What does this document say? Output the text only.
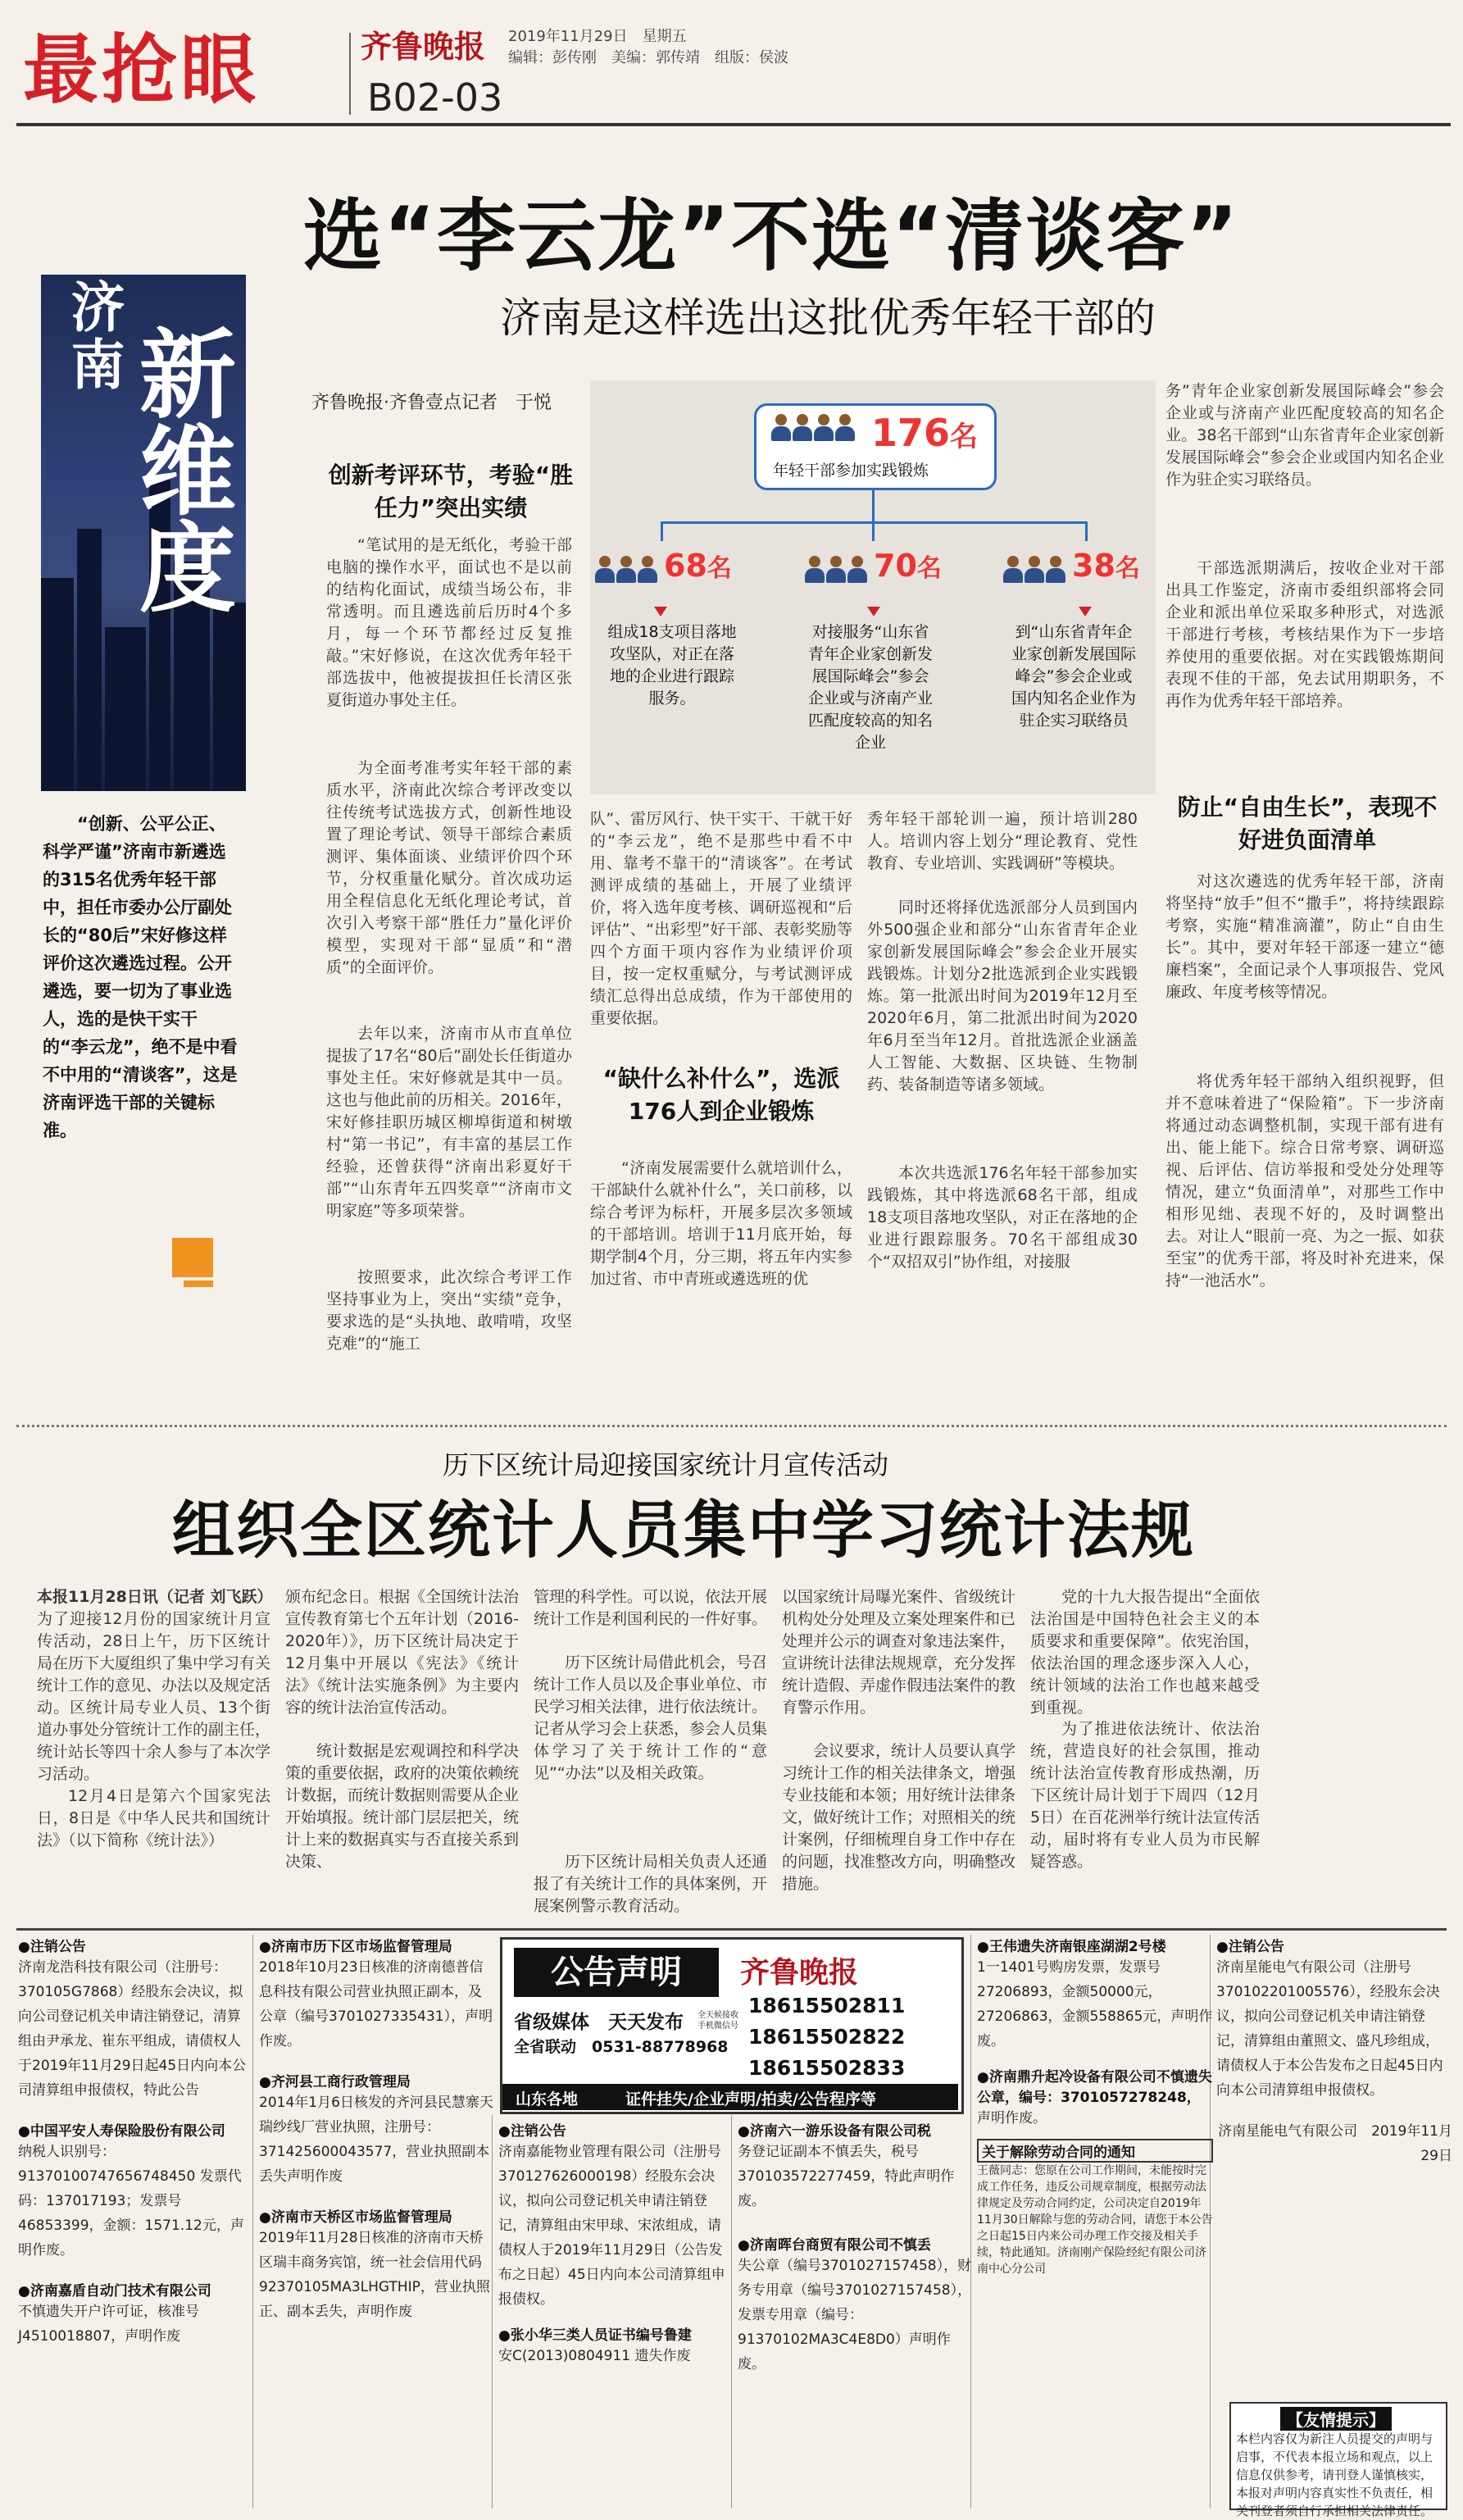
最抢眼	齐鲁晚报
B02-03
2019年11月29日　星期五
编辑：彭传刚　美编：郭传靖　组版：侯波
选“李云龙”不选“清谈客”
济南是这样选出这批优秀年轻干部的
济南
新维度
“创新、公平公正、科学严谨”济南市新遴选的315名优秀年轻干部中，担任市委办公厅副处长的“80后”宋好修这样评价这次遴选过程。公开遴选，要一切为了事业选人，选的是快干实干的“李云龙”，绝不是中看不中用的“清谈客”，这是济南评选干部的关键标准。
齐鲁晚报·齐鲁壹点记者　于悦
创新考评环节，考验“胜任力”突出实绩
“笔试用的是无纸化，考验干部电脑的操作水平，面试也不是以前的结构化面试，成绩当场公布，非常透明。而且遴选前后历时4个多月，每一个环节都经过反复推敲。”宋好修说，在这次优秀年轻干部选拔中，他被提拔担任长清区张夏街道办事处主任。
为全面考准考实年轻干部的素质水平，济南此次综合考评改变以往传统考试选拔方式，创新性地设置了理论考试、领导干部综合素质测评、集体面谈、业绩评价四个环节，分权重量化赋分。首次成功运用全程信息化无纸化理论考试，首次引入考察干部“胜任力”量化评价模型，实现对干部“显质”和“潜质”的全面评价。
去年以来，济南市从市直单位提拔了17名“80后”副处长任街道办事处主任。宋好修就是其中一员。这也与他此前的历相关。2016年，宋好修挂职历城区柳埠街道和树墩村“第一书记”，有丰富的基层工作经验，还曾获得“济南出彩夏好干部”“山东青年五四奖章”“济南市文明家庭”等多项荣誉。
按照要求，此次综合考评工作坚持事业为上，突出“实绩”竞争，要求选的是“头执地、敢啃啃，攻坚克难”的“施工
176名
年轻干部参加实践锻炼
68名	70名	38名
组成18支项目落地攻坚队，对正在落地的企业进行跟踪服务。
对接服务“山东省青年企业家创新发展国际峰会”参会企业或与济南产业匹配度较高的知名企业
到“山东省青年企业家创新发展国际峰会”参会企业或国内知名企业作为驻企实习联络员
队”、雷厉风行、快干实干、干就干好的“李云龙”，绝不是那些中看不中用、靠考不靠干的“清谈客”。在考试测评成绩的基础上，开展了业绩评价，将入选年度考核、调研巡视和“后评估”、“出彩型”好干部、表彰奖励等四个方面干项内容作为业绩评价项目，按一定权重赋分，与考试测评成绩汇总得出总成绩，作为干部使用的重要依据。
“缺什么补什么”，选派176人到企业锻炼
“济南发展需要什么就培训什么，干部缺什么就补什么”，关口前移，以综合考评为标杆，开展多层次多领域的干部培训。培训于11月底开始，每期学制4个月，分三期，将五年内实参加过省、市中青班或遴选班的优
秀年轻干部轮训一遍，预计培训280人。培训内容上划分“理论教育、党性教育、专业培训、实践调研”等模块。
同时还将择优选派部分人员到国内外500强企业和部分“山东省青年企业家创新发展国际峰会”参会企业开展实践锻炼。计划分2批选派到企业实践锻炼。第一批派出时间为2019年12月至2020年6月，第二批派出时间为2020年6月至当年12月。首批选派企业涵盖人工智能、大数据、区块链、生物制药、装备制造等诸多领域。
本次共选派176名年轻干部参加实践锻炼，其中将选派68名干部，组成18支项目落地攻坚队，对正在落地的企业进行跟踪服务。70名干部组成30个“双招双引”协作组，对接服
务”青年企业家创新发展国际峰会”参会企业或与济南产业匹配度较高的知名企业。38名干部到“山东省青年企业家创新发展国际峰会”参会企业或国内知名企业作为驻企实习联络员。
干部选派期满后，按收企业对干部出具工作鉴定，济南市委组织部将会同企业和派出单位采取多种形式，对选派干部进行考核，考核结果作为下一步培养使用的重要依据。对在实践锻炼期间表现不佳的干部，免去试用期职务，不再作为优秀年轻干部培养。
防止“自由生长”，表现不好进负面清单
对这次遴选的优秀年轻干部，济南将坚持“放手”但不“撒手”，将持续跟踪考察，实施“精准滴灌”，防止“自由生长”。其中，要对年轻干部逐一建立“德廉档案”，全面记录个人事项报告、党风廉政、年度考核等情况。
将优秀年轻干部纳入组织视野，但并不意味着进了“保险箱”。下一步济南将通过动态调整机制，实现干部有进有出、能上能下。综合日常考察、调研巡视、后评估、信访举报和受处分处理等情况，建立“负面清单”，对那些工作中相形见绌、表现不好的，及时调整出去。对让人“眼前一亮、为之一振、如获至宝”的优秀干部，将及时补充进来，保持“一池活水”。
历下区统计局迎接国家统计月宣传活动
组织全区统计人员集中学习统计法规
本报11月28日讯（记者 刘飞跃）为了迎接12月份的国家统计月宣传活动，28日上午，历下区统计局在历下大厦组织了集中学习有关统计工作的意见、办法以及规定活动。区统计局专业人员、13个街道办事处分管统计工作的副主任，统计站长等四十余人参与了本次学习活动。
12月4日是第六个国家宪法日，8日是《中华人民共和国统计法》（以下简称《统计法》）
颁布纪念日。根据《全国统计法治宣传教育第七个五年计划（2016-2020年）》，历下区统计局决定于12月集中开展以《宪法》《统计法》《统计法实施条例》为主要内容的统计法治宣传活动。
统计数据是宏观调控和科学决策的重要依据，政府的决策依赖统计数据，而统计数据则需要从企业开始填报。统计部门层层把关，统计上来的数据真实与否直接关系到决策、
管理的科学性。可以说，依法开展统计工作是利国利民的一件好事。
历下区统计局借此机会，号召统计工作人员以及企事业单位、市民学习相关法律，进行依法统计。记者从学习会上获悉，参会人员集体学习了关于统计工作的“意见”“办法”以及相关政策。
历下区统计局相关负责人还通报了有关统计工作的具体案例，开展案例警示教育活动。
以国家统计局曝光案件、省级统计机构处分处理及立案处理案件和已处理并公示的调查对象违法案件，宣讲统计法律法规规章，充分发挥统计造假、弄虚作假违法案件的教育警示作用。
会议要求，统计人员要认真学习统计工作的相关法律条文，增强专业技能和本领；用好统计法律条文，做好统计工作；对照相关的统计案例，仔细梳理自身工作中存在的问题，找准整改方向，明确整改措施。
党的十九大报告提出“全面依法治国是中国特色社会主义的本质要求和重要保障”。依宪治国，依法治国的理念逐步深入人心，统计领域的法治工作也越来越受到重视。
为了推进依法统计、依法治统，营造良好的社会氛围，推动统计法治宣传教育形成热潮，历下区统计局计划于下周四（12月5日）在百花洲举行统计法宣传活动，届时将有专业人员为市民解疑答惑。
●注销公告
济南龙浩科技有限公司（注册号：370105G7868）经股东会决议，拟向公司登记机关申请注销登记，清算组由尹承龙、崔东平组成，请债权人于2019年11月29日起45日内向本公司清算组申报债权，特此公告
●中国平安人寿保险股份有限公司
纳税人识别号：91370100747656748450 发票代码：137017193；发票号46853399，金额：1571.12元，声明作废。
●济南嘉盾自动门技术有限公司
不慎遗失开户许可证，核准号J4510018807，声明作废
●济南市历下区市场监督管理局
2018年10月23日核准的济南德普信息科技有限公司营业执照正副本，及公章（编号3701027335431），声明作废。
●齐河县工商行政管理局
2014年1月6日核发的齐河县民慧寨天瑞纱线厂营业执照，注册号：371425600043577，营业执照副本丢失声明作废
●济南市天桥区市场监督管理局
2019年11月28日核准的济南市天桥区瑞丰商务宾馆，统一社会信用代码92370105MA3LHGTHIP，营业执照正、副本丢失，声明作废
公告声明	齐鲁晚报
省级媒体　天天发布
全省联动　0531-88778968
全天候接收 手机微信号
18615502811
18615502822
18615502833
山东各地	证件挂失/企业声明/拍卖/公告程序等
●注销公告
济南嘉能物业管理有限公司（注册号370127626000198）经股东会决议，拟向公司登记机关申请注销登记，清算组由宋甲球、宋浓组成，请债权人于2019年11月29日（公告发布之日起）45日内向本公司清算组申报债权。
●张小华三类人员证书编号鲁建
安C(2013)0804911 遗失作废
●济南六一游乐设备有限公司税
务登记证副本不慎丢失，税号370103572277459，特此声明作废。
●济南晖台商贸有限公司不慎丢
失公章（编号3701027157458），财务专用章（编号3701027157458），发票专用章（编号：91370102MA3C4E8D0）声明作废。
●王伟遗失济南银座湖湖2号楼
1一1401号购房发票，发票号27206893，金额50000元，27206863，金额558865元，声明作废。
●济南鼎升起冷设备有限公司不慎遗失公章，编号：3701057278248，
声明作废。
关于解除劳动合同的通知
王薇同志：您原在公司工作期间，未能按时完成工作任务，违反公司规章制度，根据劳动法律规定及劳动合同约定，公司决定自2019年11月30日解除与您的劳动合同，请您于本公告之日起15日内来公司办理工作交接及相关手续，特此通知。济南刚产保险经纪有限公司济南中心分公司
●注销公告
济南星能电气有限公司（注册号370102201005576），经股东会决议，拟向公司登记机关申请注销登记，清算组由董照文、盛凡珍组成，请债权人于本公告发布之日起45日内向本公司清算组申报债权。
济南星能电气有限公司　2019年11月29日
【友情提示】
本栏内容仅为新注人员提交的声明与启事，不代表本报立场和观点，以上信息仅供参考，请刊登人谨慎核实，本报对声明内容真实性不负责任，相关刊登者须自行承担相关法律责任。
